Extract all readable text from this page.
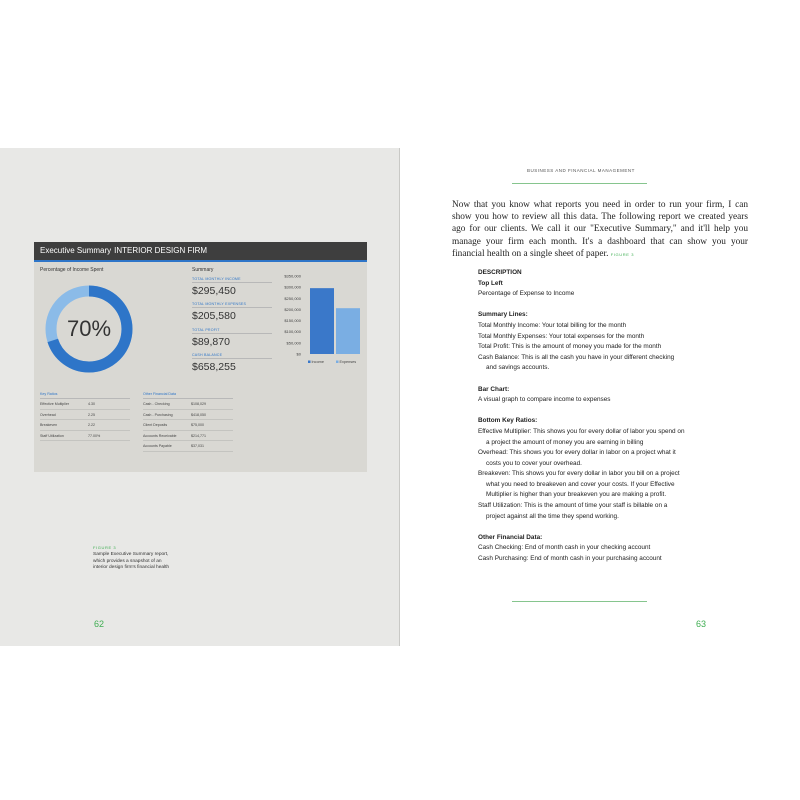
Executive Summary INTERIOR DESIGN FIRM
Percentage of Income Spent
70%
Summary
TOTAL MONTHLY INCOME
$295,450
TOTAL MONTHLY EXPENSES
$205,580
TOTAL PROFIT
$89,870
CASH BALANCE
$658,255
$0
$50,000
$100,000
$150,000
$200,000
$250,000
$300,000
$350,000
Income	Expenses
Key Ratios
Effective Multiplier	4.30
Overhead	2.25
Breakeven	2.22
Staff Utilization	77.00%
Other Financial Data
Cash - Checking	$108,029
Cash - Purchasing	$418,050
Client Deposits	$75,000
Accounts Receivable	$214,771
Accounts Payable	$37,031
FIGURE 3
Sample Executive Summary report, which provides a snapshot of an interior design firm's financial health
62
BUSINESS AND FINANCIAL MANAGEMENT
Now that you know what reports you need in order to run your firm, I can show you how to review all this data. The following report we created years ago for our clients. We call it our "Executive Summary," and it'll help you manage your firm each month. It's a dashboard that can show you your financial health on a single sheet of paper. FIGURE 3
DESCRIPTION
Top Left
Percentage of Expense to Income
Summary Lines:
Total Monthly Income: Your total billing for the month
Total Monthly Expenses: Your total expenses for the month
Total Profit: This is the amount of money you made for the month
Cash Balance: This is all the cash you have in your different checking
and savings accounts.
Bar Chart:
A visual graph to compare income to expenses
Bottom Key Ratios:
Effective Multiplier: This shows you for every dollar of labor you spend on
a project the amount of money you are earning in billing
Overhead: This shows you for every dollar in labor on a project what it
costs you to cover your overhead.
Breakeven: This shows you for every dollar in labor you bill on a project
what you need to breakeven and cover your costs. If your Effective
Multiplier is higher than your breakeven you are making a profit.
Staff Utilization: This is the amount of time your staff is billable on a
project against all the time they spend working.
Other Financial Data:
Cash Checking: End of month cash in your checking account
Cash Purchasing: End of month cash in your purchasing account
63
